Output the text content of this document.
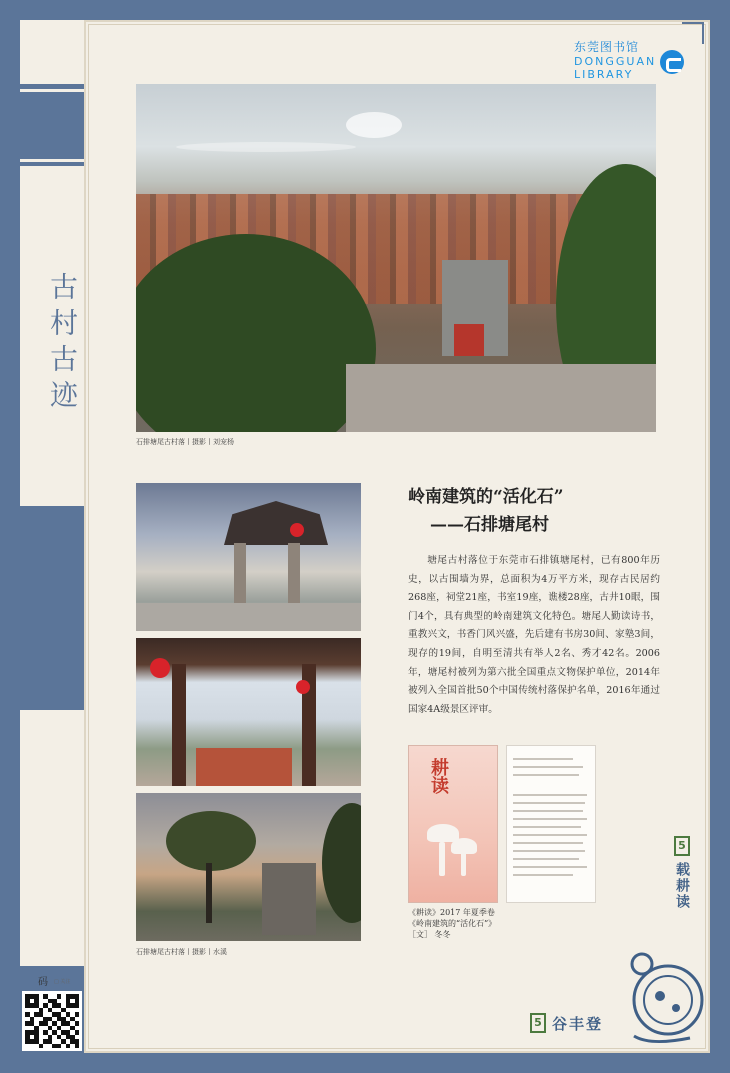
古村古迹
东莞图书馆
DONGGUAN
LIBRARY
石排塘尾古村落丨摄影丨刘宠杨
石排塘尾古村落丨摄影丨水溪
岭南建筑的“活化石”
——石排塘尾村
塘尾古村落位于东莞市石排镇塘尾村，已有800年历史，以古围墙为界，总面积为4万平方米，现存古民居约268座，祠堂21座，书室19座，谯楼28座，古井10眼，围门4个，具有典型的岭南建筑文化特色。塘尾人勤读诗书，重教兴文，书香门风兴盛，先后建有书房30间、家塾3间，现存的19间，自明至清共有举人2名、秀才42名。2006年，塘尾村被列为第六批全国重点文物保护单位，2014年被列入全国首批50个中国传统村落保护名单，2016年通过国家4A级景区评审。
耕读
《耕读》2017 年夏季卷
《岭南建筑的“活化石”》
［文］ 冬冬
5
载耕读
5 谷丰登
码 □ 关注
